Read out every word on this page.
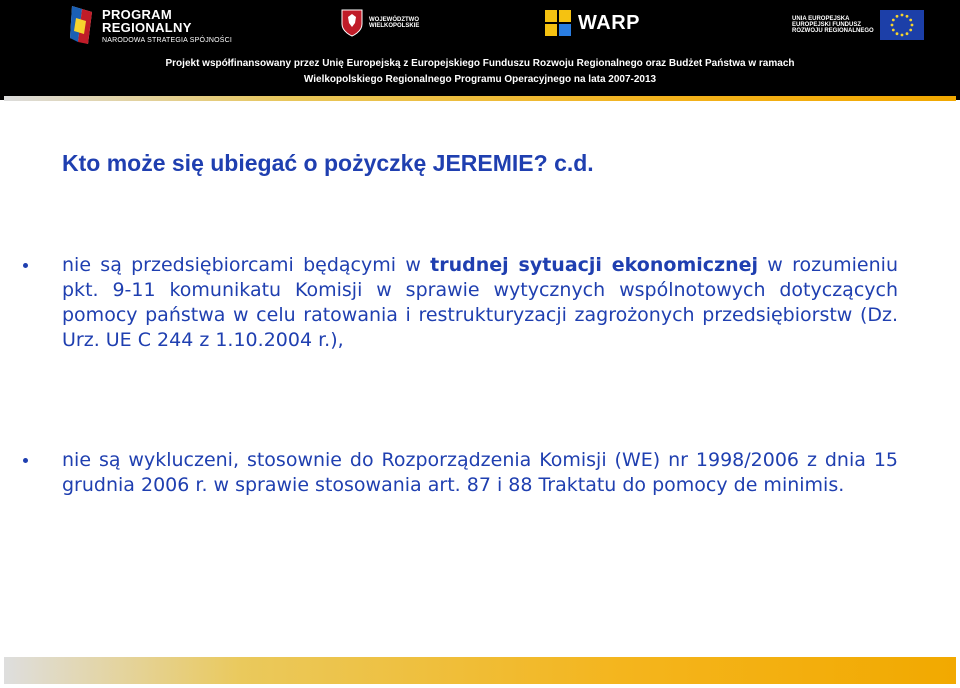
PROGRAM
REGIONALNY
NARODOWA STRATEGIA SPÓJNOŚCI
WOJEWÓDZTWO
WIELKOPOLSKIE	WARP	UNIA EUROPEJSKA
EUROPEJSKI FUNDUSZ
ROZWOJU REGIONALNEGO
Projekt współfinansowany przez Unię Europejską z Europejskiego Funduszu Rozwoju Regionalnego oraz Budżet Państwa w ramach
Wielkopolskiego Regionalnego Programu Operacyjnego na lata 2007-2013
Kto może się ubiegać o pożyczkę JEREMIE? c.d.
nie są przedsiębiorcami będącymi w trudnej sytuacji ekonomicznej w rozumieniu pkt. 9-11 komunikatu Komisji w sprawie wytycznych wspólnotowych dotyczących pomocy państwa w celu ratowania i restrukturyzacji zagrożonych przedsiębiorstw (Dz. Urz. UE C 244 z 1.10.2004 r.),
nie są wykluczeni, stosownie do Rozporządzenia Komisji (WE) nr 1998/2006 z dnia 15 grudnia 2006 r. w sprawie stosowania art. 87 i 88 Traktatu do pomocy de minimis.
